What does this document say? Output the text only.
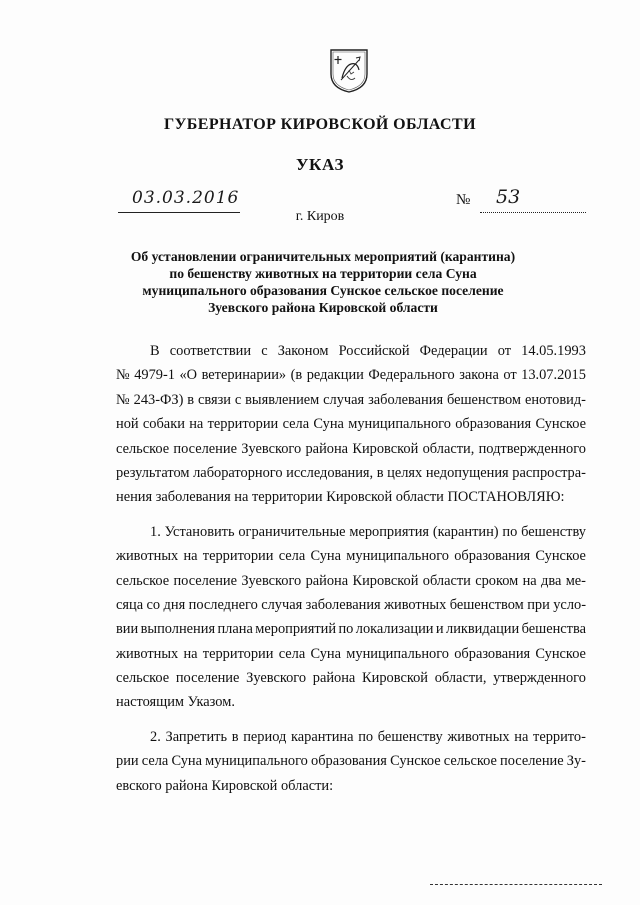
ГУБЕРНАТОР КИРОВСКОЙ ОБЛАСТИ
УКАЗ
03.03.2016	№ 53
г. Киров
Об установлении ограничительных мероприятий (карантина)
по бешенству животных на территории села Суна
муниципального образования Сунское сельское поселение
Зуевского района Кировской области
В соответствии с Законом Российской Федерации от 14.05.1993
№ 4979-1 «О ветеринарии» (в редакции Федерального закона от 13.07.2015
№ 243-ФЗ) в связи с выявлением случая заболевания бешенством енотовид-
ной собаки на территории села Суна муниципального образования Сунское
сельское поселение Зуевского района Кировской области, подтвержденного
результатом лабораторного исследования, в целях недопущения распростра-
нения заболевания на территории Кировской области ПОСТАНОВЛЯЮ:
1. Установить ограничительные мероприятия (карантин) по бешенству
животных на территории села Суна муниципального образования Сунское
сельское поселение Зуевского района Кировской области сроком на два ме-
сяца со дня последнего случая заболевания животных бешенством при усло-
вии выполнения плана мероприятий по локализации и ликвидации бешенства
животных на территории села Суна муниципального образования Сунское
сельское поселение Зуевского района Кировской области, утвержденного
настоящим Указом.
2. Запретить в период карантина по бешенству животных на террито-
рии села Суна муниципального образования Сунское сельское поселение Зу-
евского района Кировской области:
